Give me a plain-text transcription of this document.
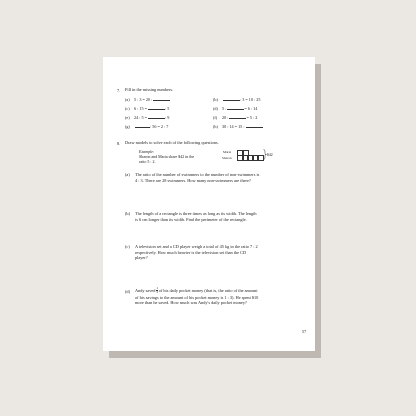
7. Fill in the missing numbers.
(a) 5 : 3 = 20 :
(c) 6 : 15 =	: 5
(e) 24 : 5 =	: 9
(g)	: 56 = 2 : 7
(b)	: 3 = 10 : 25
(d) 5 :	= 6 : 14
(f) 20 :	= 5 : 2
(h) 30 : 14 = 15 :
8. Draw models to solve each of the following questions.
Example:
Sharon and Maria share $42 in the
ratio 5 : 2.
Maria
Sharon
$42
(a) The ratio of the number of swimmers to the number of non-swimmers is
4 : 3. There are 28 swimmers. How many non-swimmers are there?
(b) The length of a rectangle is three times as long as its width. The length
is 6 cm longer than its width. Find the perimeter of the rectangle.
(c) A television set and a CD player weigh a total of 45 kg in the ratio 7 : 2
respectively. How much heavier is the television set than the CD
player?
(d) Andy saved $\frac{1}{3}$ of his daily pocket money (that is, the ratio of the amount
of his savings to the amount of his pocket money is 1 : 3). He spent $10
more than he saved. How much was Andy's daily pocket money?
57
